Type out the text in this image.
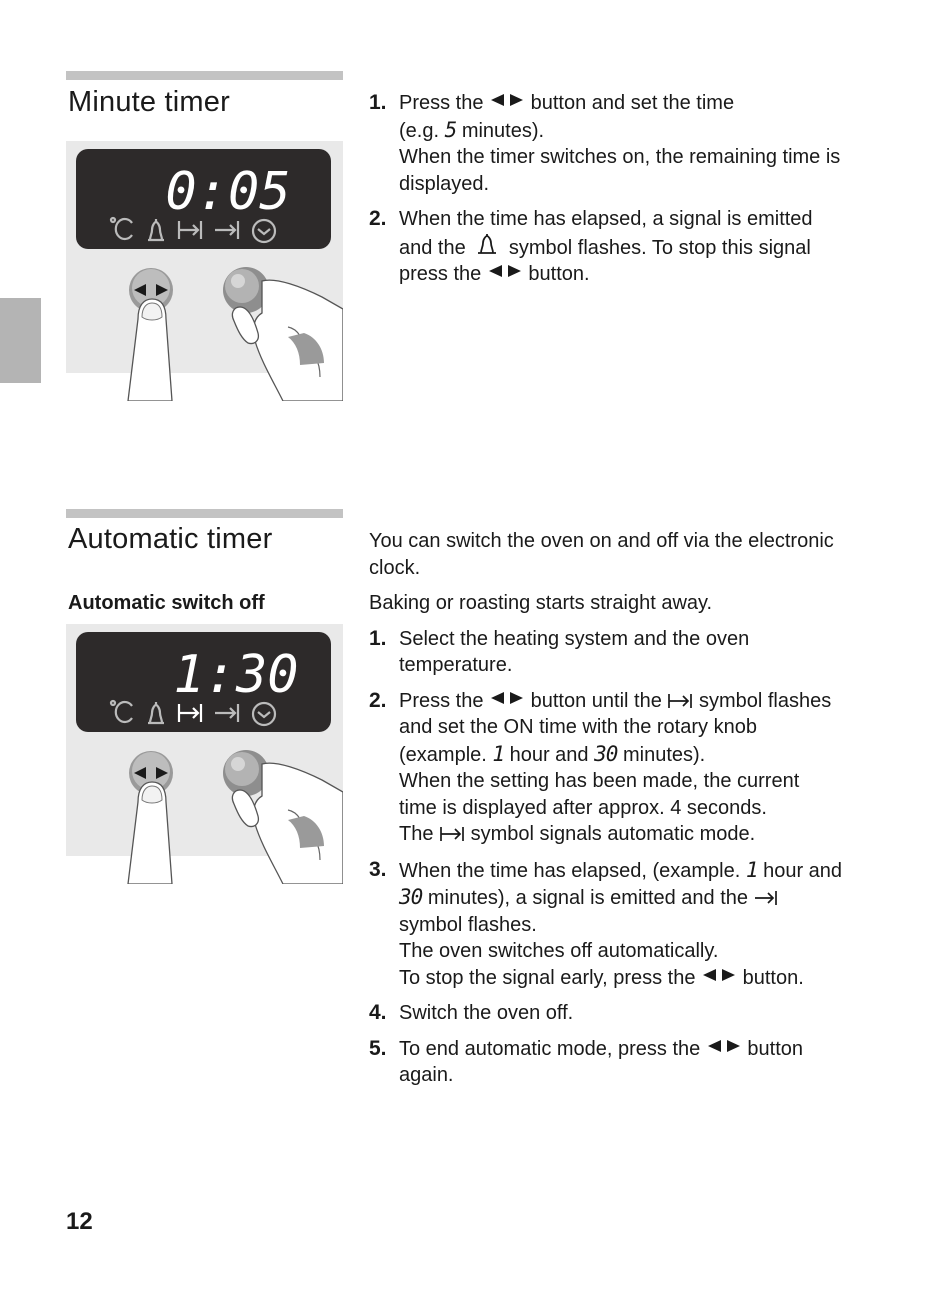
Minute timer
0:05
1. Press the button and set the time
(e.g. 5 minutes).
When the timer switches on, the remaining time is
displayed.
2. When the time has elapsed, a signal is emitted
and the symbol flashes. To stop this signal
press the button.
Automatic timer
Automatic switch off
1:30

You can switch the oven on and off via the electronic clock.

Baking or roasting starts straight away.

1. Select the heating system and the oven
temperature.
2. Press the button until the symbol flashes
and set the ON time with the rotary knob
(example. 1 hour and 30 minutes).
When the setting has been made, the current
time is displayed after approx. 4 seconds.
The symbol signals automatic mode.
3. When the time has elapsed, (example. 1 hour and
30 minutes), a signal is emitted and the
symbol flashes.
The oven switches off automatically.
To stop the signal early, press the button.
4. Switch the oven off.
5. To end automatic mode, press the button
again.
12
